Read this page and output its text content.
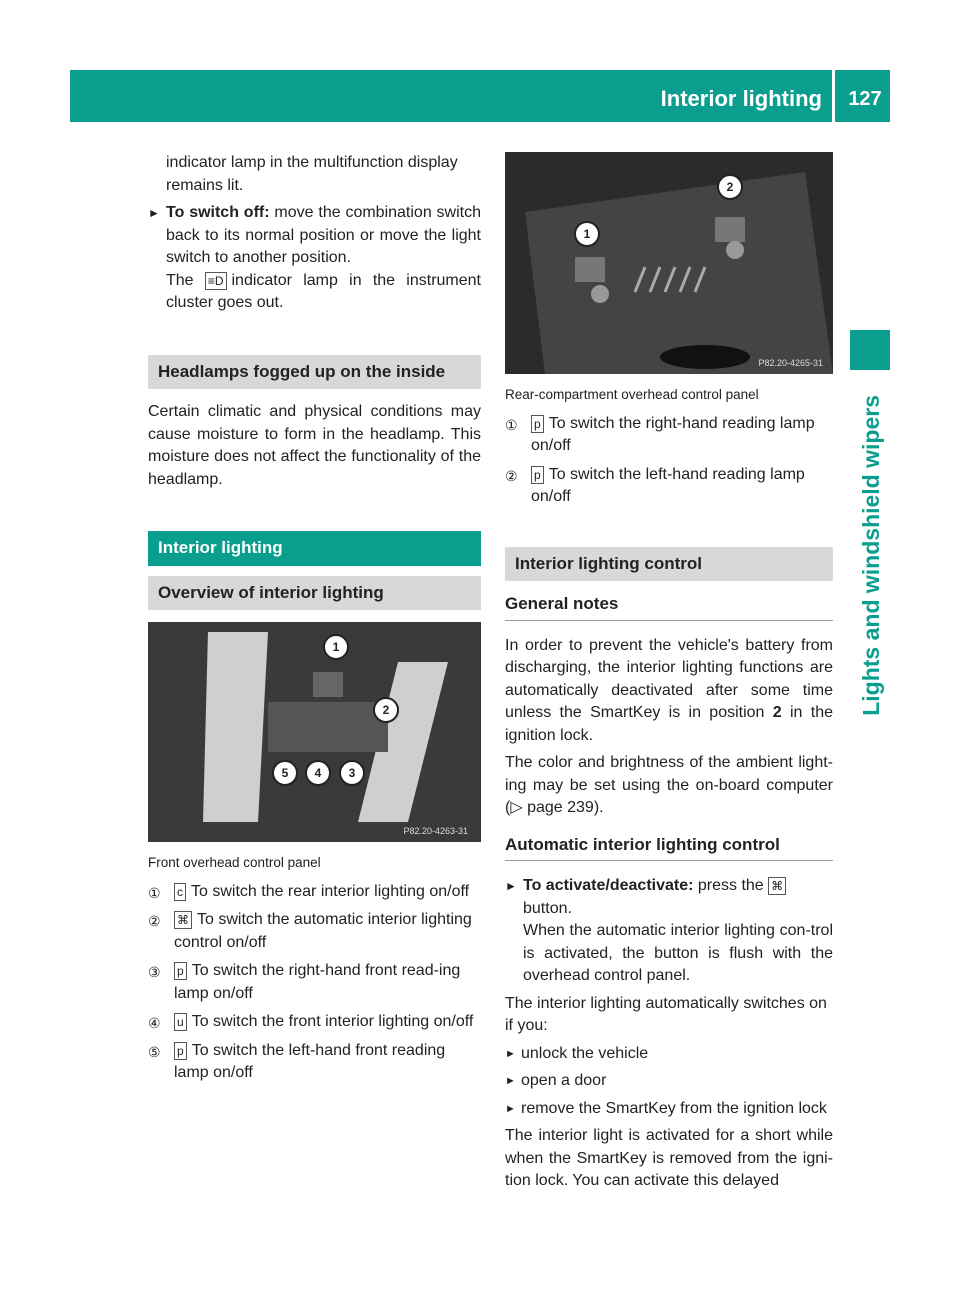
Interior lighting	127
Lights and windshield wipers

indicator lamp in the multifunction display
remains lit.

► To switch off: move the combination switch back to its normal position or move the light switch to another position.
The ≡D indicator lamp in the instrument cluster goes out.

Headlamps fogged up on the inside

Certain climatic and physical conditions may cause moisture to form in the headlamp. This moisture does not affect the functionality of the headlamp.

Interior lighting
Overview of interior lighting
1
2
3
4
5
P82.20-4263-31

Front overhead control panel

① c To switch the rear interior lighting on/off
② ⌘ To switch the automatic interior lighting control on/off
③ p To switch the right-hand front read-ing lamp on/off
④ u To switch the front interior lighting on/off
⑤ p To switch the left-hand front reading lamp on/off
1
2
P82.20-4265-31

Rear-compartment overhead control panel

① p To switch the right-hand reading lamp on/off
② p To switch the left-hand reading lamp on/off
Interior lighting control
General notes

In order to prevent the vehicle's battery from discharging, the interior lighting functions are automatically deactivated after some time unless the SmartKey is in position 2 in the ignition lock.

The color and brightness of the ambient light-ing may be set using the on-board computer (▷ page 239).

Automatic interior lighting control
► To activate/deactivate: press the ⌘
button.
When the automatic interior lighting con-trol is activated, the button is flush with the overhead control panel.

The interior lighting automatically switches on if you:

► unlock the vehicle
► open a door
► remove the SmartKey from the ignition lock

The interior light is activated for a short while when the SmartKey is removed from the igni-tion lock. You can activate this delayed
